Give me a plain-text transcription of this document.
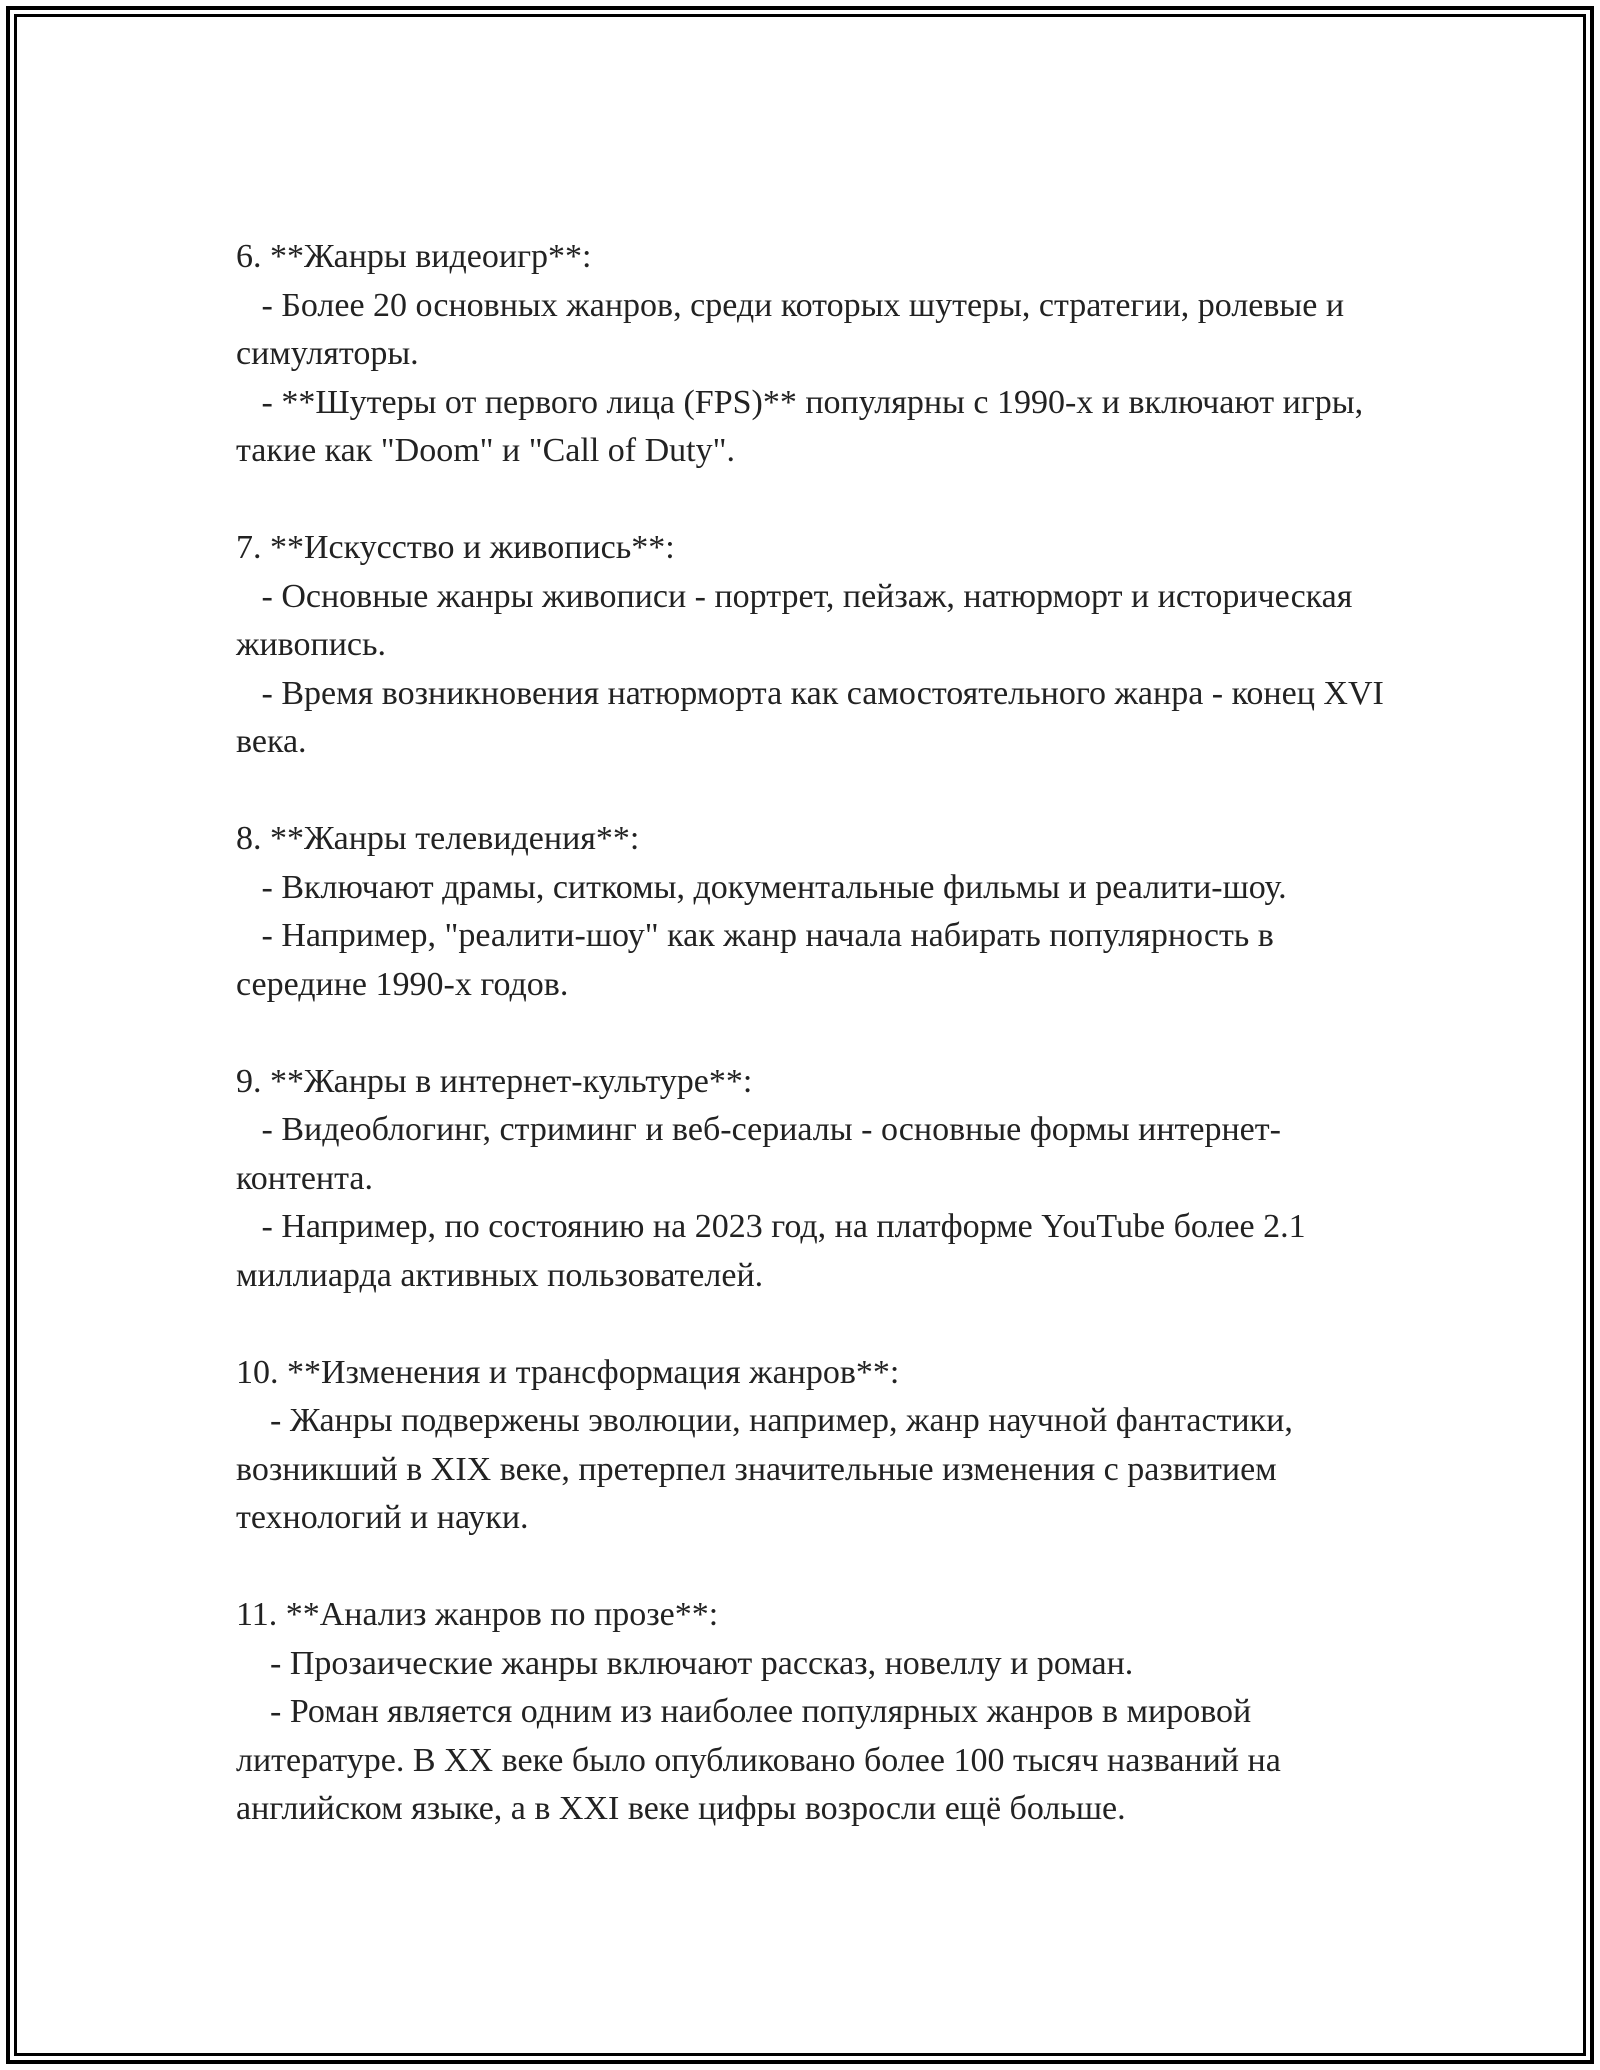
6. **Жанры видеоигр**:

- Более 20 основных жанров, среди которых шутеры, стратегии, ролевые и симуляторы.

- **Шутеры от первого лица (FPS)** популярны с 1990-х и включают игры, такие как "Doom" и "Call of Duty".

7. **Искусство и живопись**:

- Основные жанры живописи - портрет, пейзаж, натюрморт и историческая живопись.

- Время возникновения натюрморта как самостоятельного жанра - конец XVI века.

8. **Жанры телевидения**:

- Включают драмы, ситкомы, документальные фильмы и реалити-шоу.

- Например, "реалити-шоу" как жанр начала набирать популярность в середине 1990-х годов.

9. **Жанры в интернет-культуре**:

- Видеоблогинг, стриминг и веб-сериалы - основные формы интернет-контента.

- Например, по состоянию на 2023 год, на платформе YouTube более 2.1 миллиарда активных пользователей.

10. **Изменения и трансформация жанров**:

- Жанры подвержены эволюции, например, жанр научной фантастики, возникший в XIX веке, претерпел значительные изменения с развитием технологий и науки.

11. **Анализ жанров по прозе**:

- Прозаические жанры включают рассказ, новеллу и роман.

- Роман является одним из наиболее популярных жанров в мировой литературе. В XX веке было опубликовано более 100 тысяч названий на английском языке, а в XXI веке цифры возросли ещё больше.
